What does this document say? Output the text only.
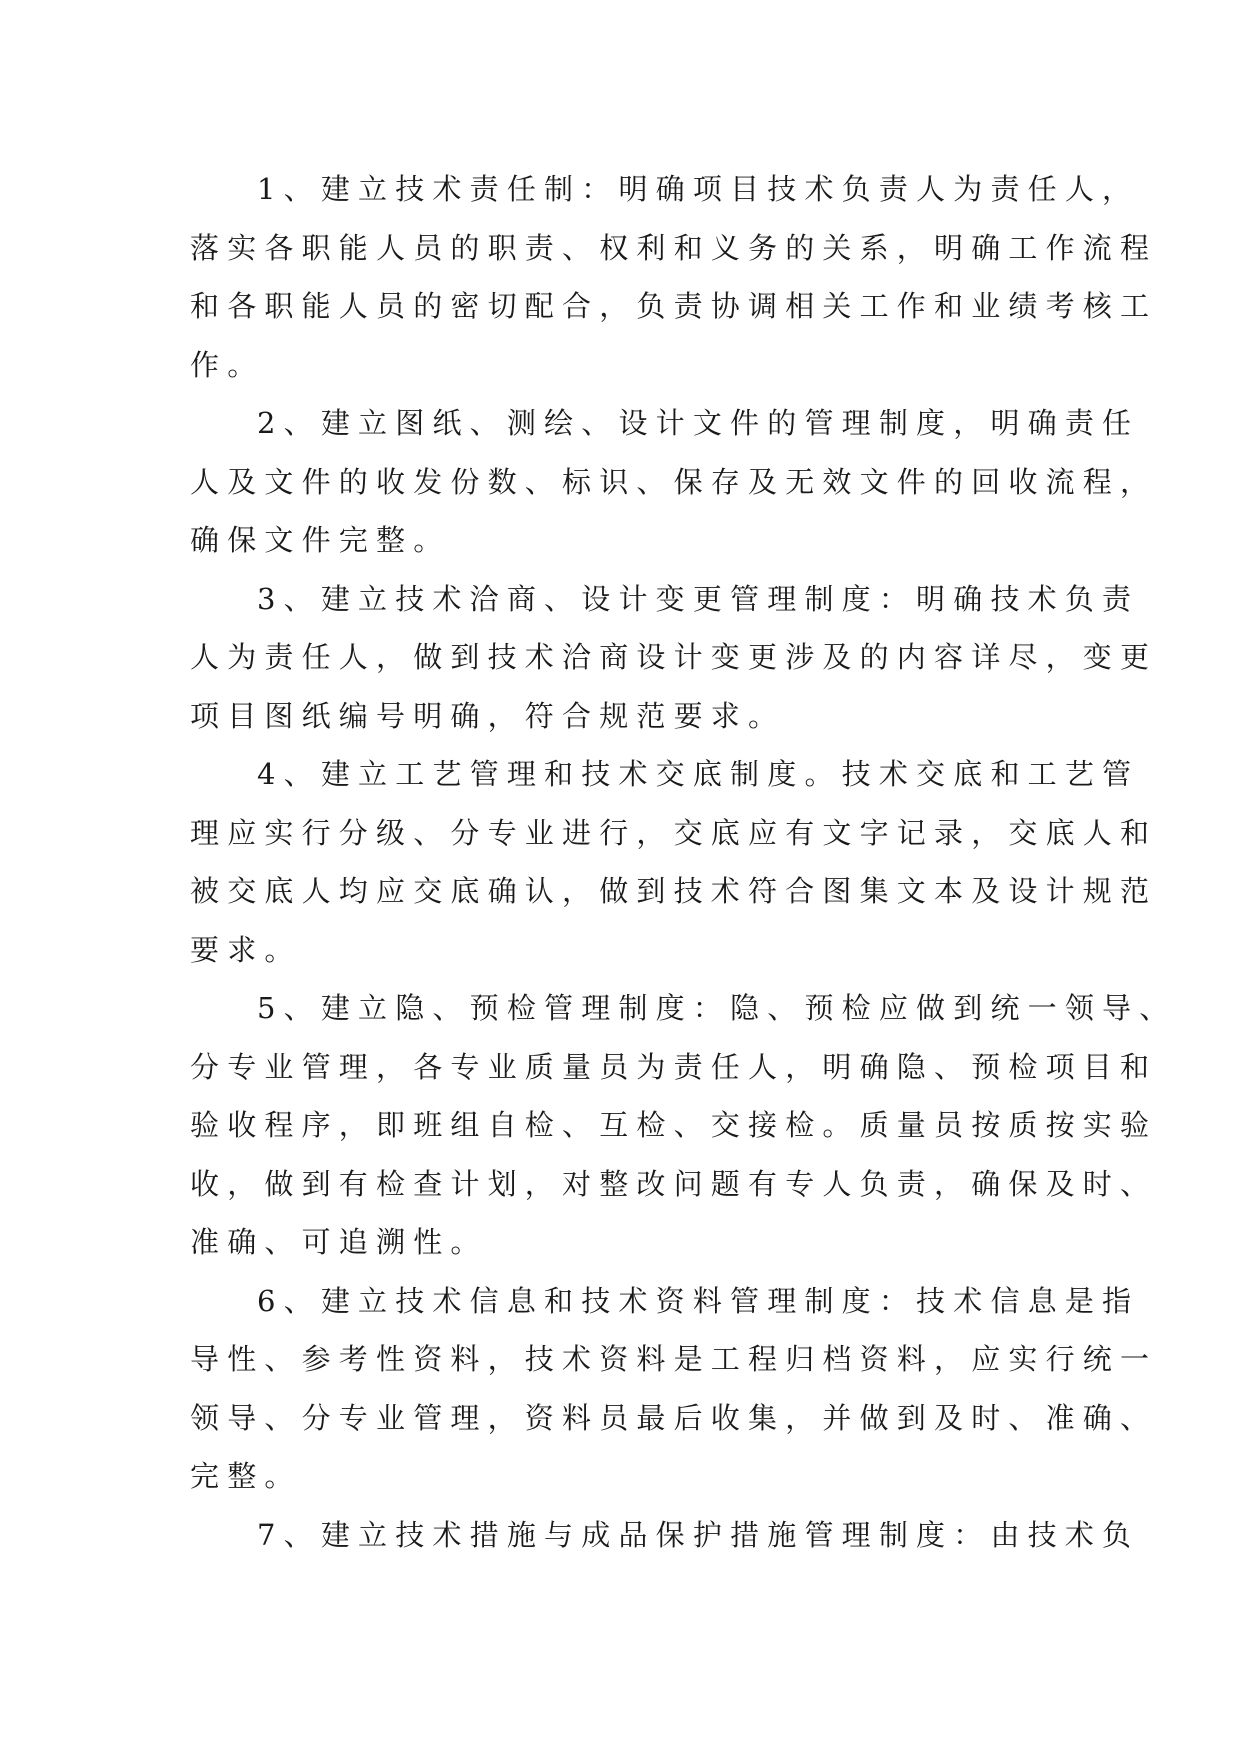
1、建立技术责任制：明确项目技术负责人为责任人，
落实各职能人员的职责、权利和义务的关系，明确工作流程
和各职能人员的密切配合，负责协调相关工作和业绩考核工
作。
2、建立图纸、测绘、设计文件的管理制度，明确责任
人及文件的收发份数、标识、保存及无效文件的回收流程，
确保文件完整。
3、建立技术洽商、设计变更管理制度：明确技术负责
人为责任人，做到技术洽商设计变更涉及的内容详尽，变更
项目图纸编号明确，符合规范要求。
4、建立工艺管理和技术交底制度。技术交底和工艺管
理应实行分级、分专业进行，交底应有文字记录，交底人和
被交底人均应交底确认，做到技术符合图集文本及设计规范
要求。
5、建立隐、预检管理制度：隐、预检应做到统一领导、
分专业管理，各专业质量员为责任人，明确隐、预检项目和
验收程序，即班组自检、互检、交接检。质量员按质按实验
收，做到有检查计划，对整改问题有专人负责，确保及时、
准确、可追溯性。
6、建立技术信息和技术资料管理制度：技术信息是指
导性、参考性资料，技术资料是工程归档资料，应实行统一
领导、分专业管理，资料员最后收集，并做到及时、准确、
完整。
7、建立技术措施与成品保护措施管理制度：由技术负
